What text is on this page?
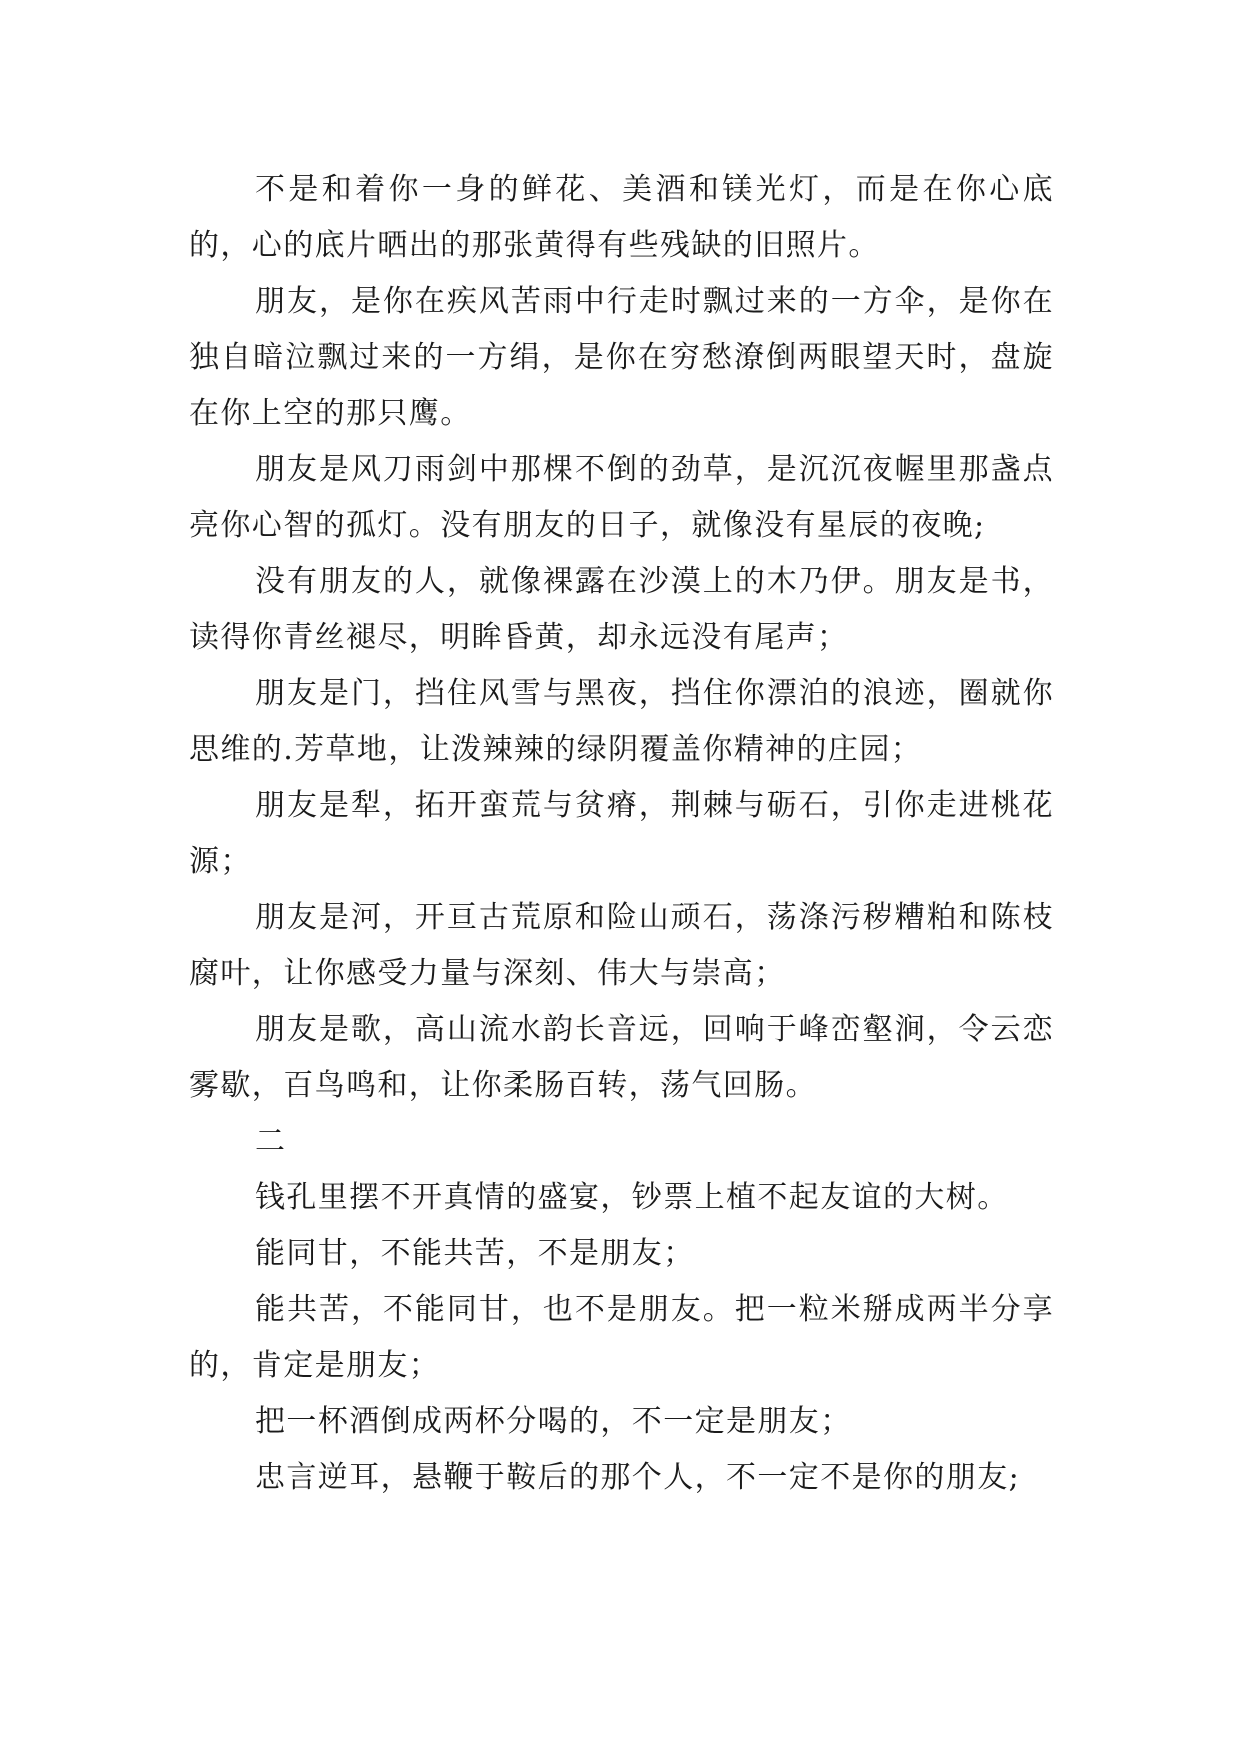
不是和着你一身的鲜花、美酒和镁光灯，而是在你心底的，心的底片晒出的那张黄得有些残缺的旧照片。

朋友，是你在疾风苦雨中行走时飘过来的一方伞，是你在独自暗泣飘过来的一方绢，是你在穷愁潦倒两眼望天时，盘旋在你上空的那只鹰。

朋友是风刀雨剑中那棵不倒的劲草，是沉沉夜幄里那盏点亮你心智的孤灯。没有朋友的日子，就像没有星辰的夜晚;

没有朋友的人，就像裸露在沙漠上的木乃伊。朋友是书，读得你青丝褪尽，明眸昏黄，却永远没有尾声；

朋友是门，挡住风雪与黑夜，挡住你漂泊的浪迹，圈就你思维的.芳草地，让泼辣辣的绿阴覆盖你精神的庄园；

朋友是犁，拓开蛮荒与贫瘠，荆棘与砺石，引你走进桃花源；

朋友是河，开亘古荒原和险山顽石，荡涤污秽糟粕和陈枝腐叶，让你感受力量与深刻、伟大与崇高；

朋友是歌，高山流水韵长音远，回响于峰峦壑涧，令云恋雾歇，百鸟鸣和，让你柔肠百转，荡气回肠。

二

钱孔里摆不开真情的盛宴，钞票上植不起友谊的大树。

能同甘，不能共苦，不是朋友；

能共苦，不能同甘，也不是朋友。把一粒米掰成两半分享的，肯定是朋友；

把一杯酒倒成两杯分喝的，不一定是朋友；

忠言逆耳，悬鞭于鞍后的那个人，不一定不是你的朋友;
